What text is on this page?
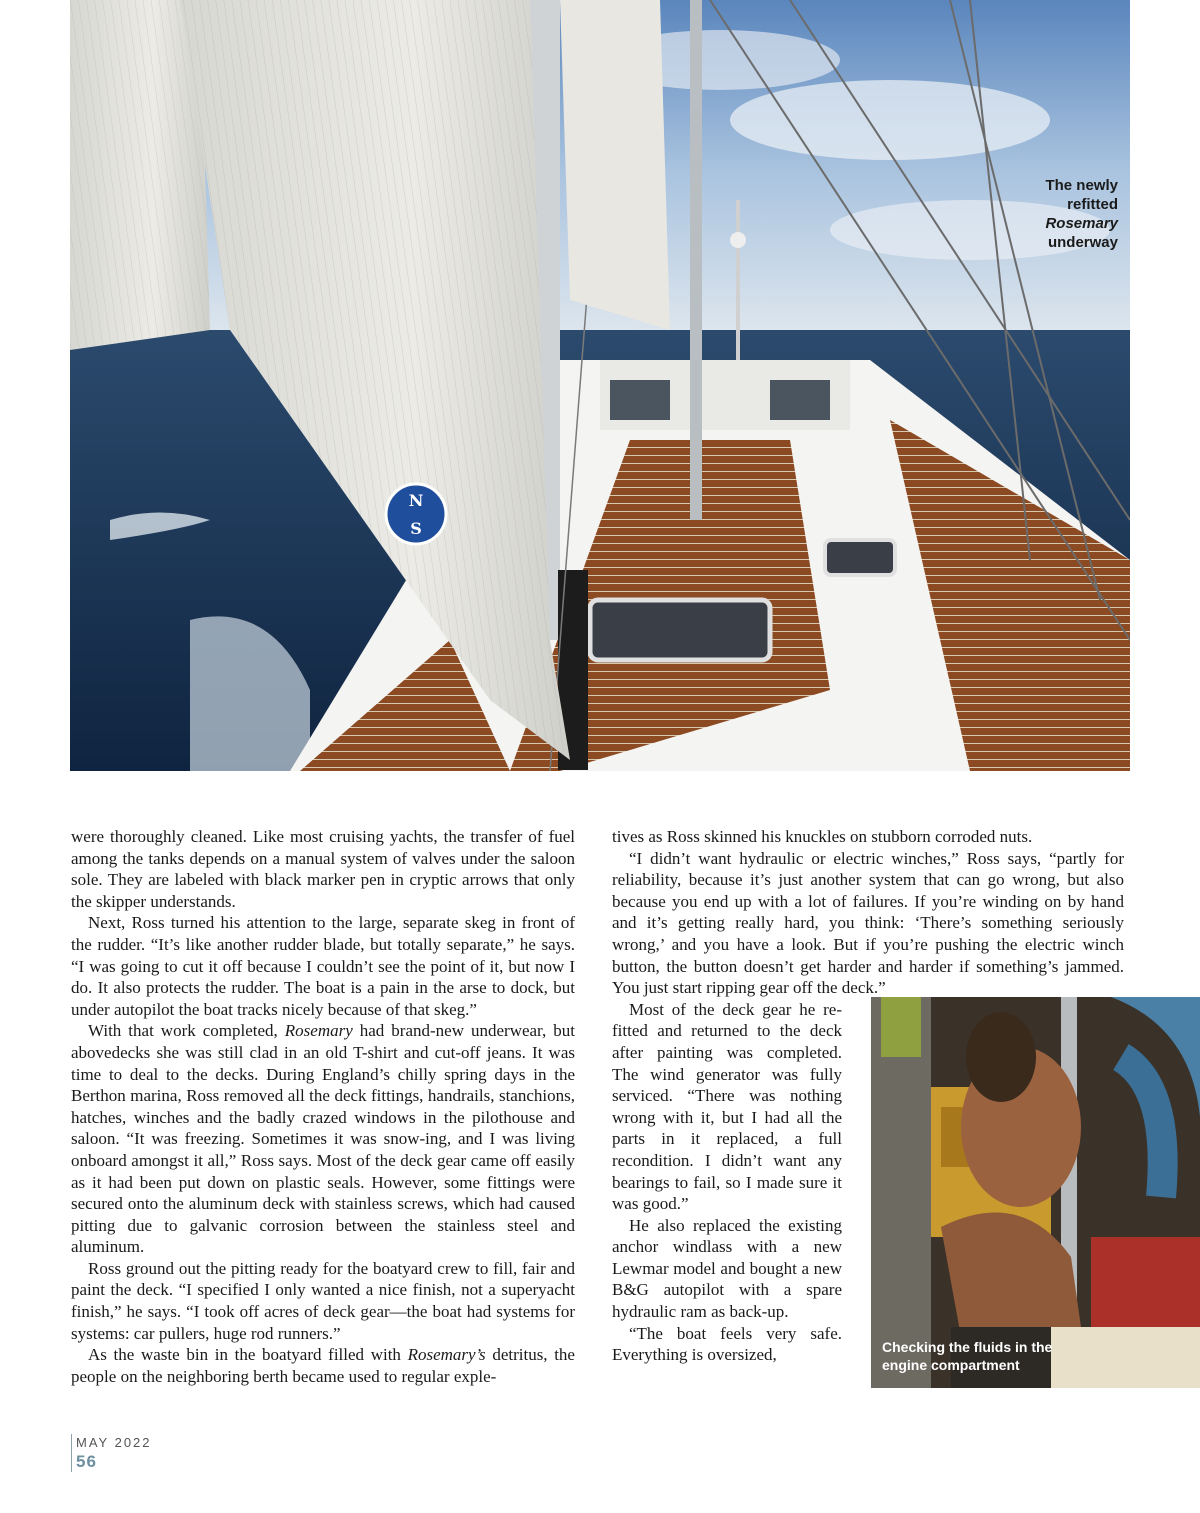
N
S
The newly
refitted
Rosemary
underway

were thoroughly cleaned. Like most cruising yachts, the transfer of fuel among the tanks depends on a manual system of valves under the saloon sole. They are labeled with black marker pen in cryptic arrows that only the skipper understands.

Next, Ross turned his attention to the large, separate skeg in front of the rudder. “It’s like another rudder blade, but totally separate,” he says. “I was going to cut it off because I couldn’t see the point of it, but now I do. It also protects the rudder. The boat is a pain in the arse to dock, but under autopilot the boat tracks nicely because of that skeg.”

With that work completed, Rosemary had brand-new underwear, but abovedecks she was still clad in an old T-shirt and cut-off jeans. It was time to deal to the decks. During England’s chilly spring days in the Berthon marina, Ross removed all the deck fittings, handrails, stanchions, hatches, winches and the badly crazed windows in the pilothouse and saloon. “It was freezing. Sometimes it was snow-ing, and I was living onboard amongst it all,” Ross says. Most of the deck gear came off easily as it had been put down on plastic seals. However, some fittings were secured onto the aluminum deck with stainless screws, which had caused pitting due to galvanic corrosion between the stainless steel and aluminum.

Ross ground out the pitting ready for the boatyard crew to fill, fair and paint the deck. “I specified I only wanted a nice finish, not a superyacht finish,” he says. “I took off acres of deck gear—the boat had systems for systems: car pullers, huge rod runners.”

As the waste bin in the boatyard filled with Rosemary’s detritus, the people on the neighboring berth became used to regular exple-

tives as Ross skinned his knuckles on stubborn corroded nuts.

“I didn’t want hydraulic or electric winches,” Ross says, “partly for reliability, because it’s just another system that can go wrong, but also because you end up with a lot of failures. If you’re winding on by hand and it’s getting really hard, you think: ‘There’s something seriously wrong,’ and you have a look. But if you’re pushing the electric winch button, the button doesn’t get harder and harder if something’s jammed. You just start ripping gear off the deck.”

Most of the deck gear he re-fitted and returned to the deck after painting was completed. The wind generator was fully serviced. “There was nothing wrong with it, but I had all the parts in it replaced, a full recondition. I didn’t want any bearings to fail, so I made sure it was good.”

He also replaced the existing anchor windlass with a new Lewmar model and bought a new B&G autopilot with a spare hydraulic ram as back-up.

“The boat feels very safe. Everything is oversized,	Checking the fluids in the engine compartment
MAY 2022
56
